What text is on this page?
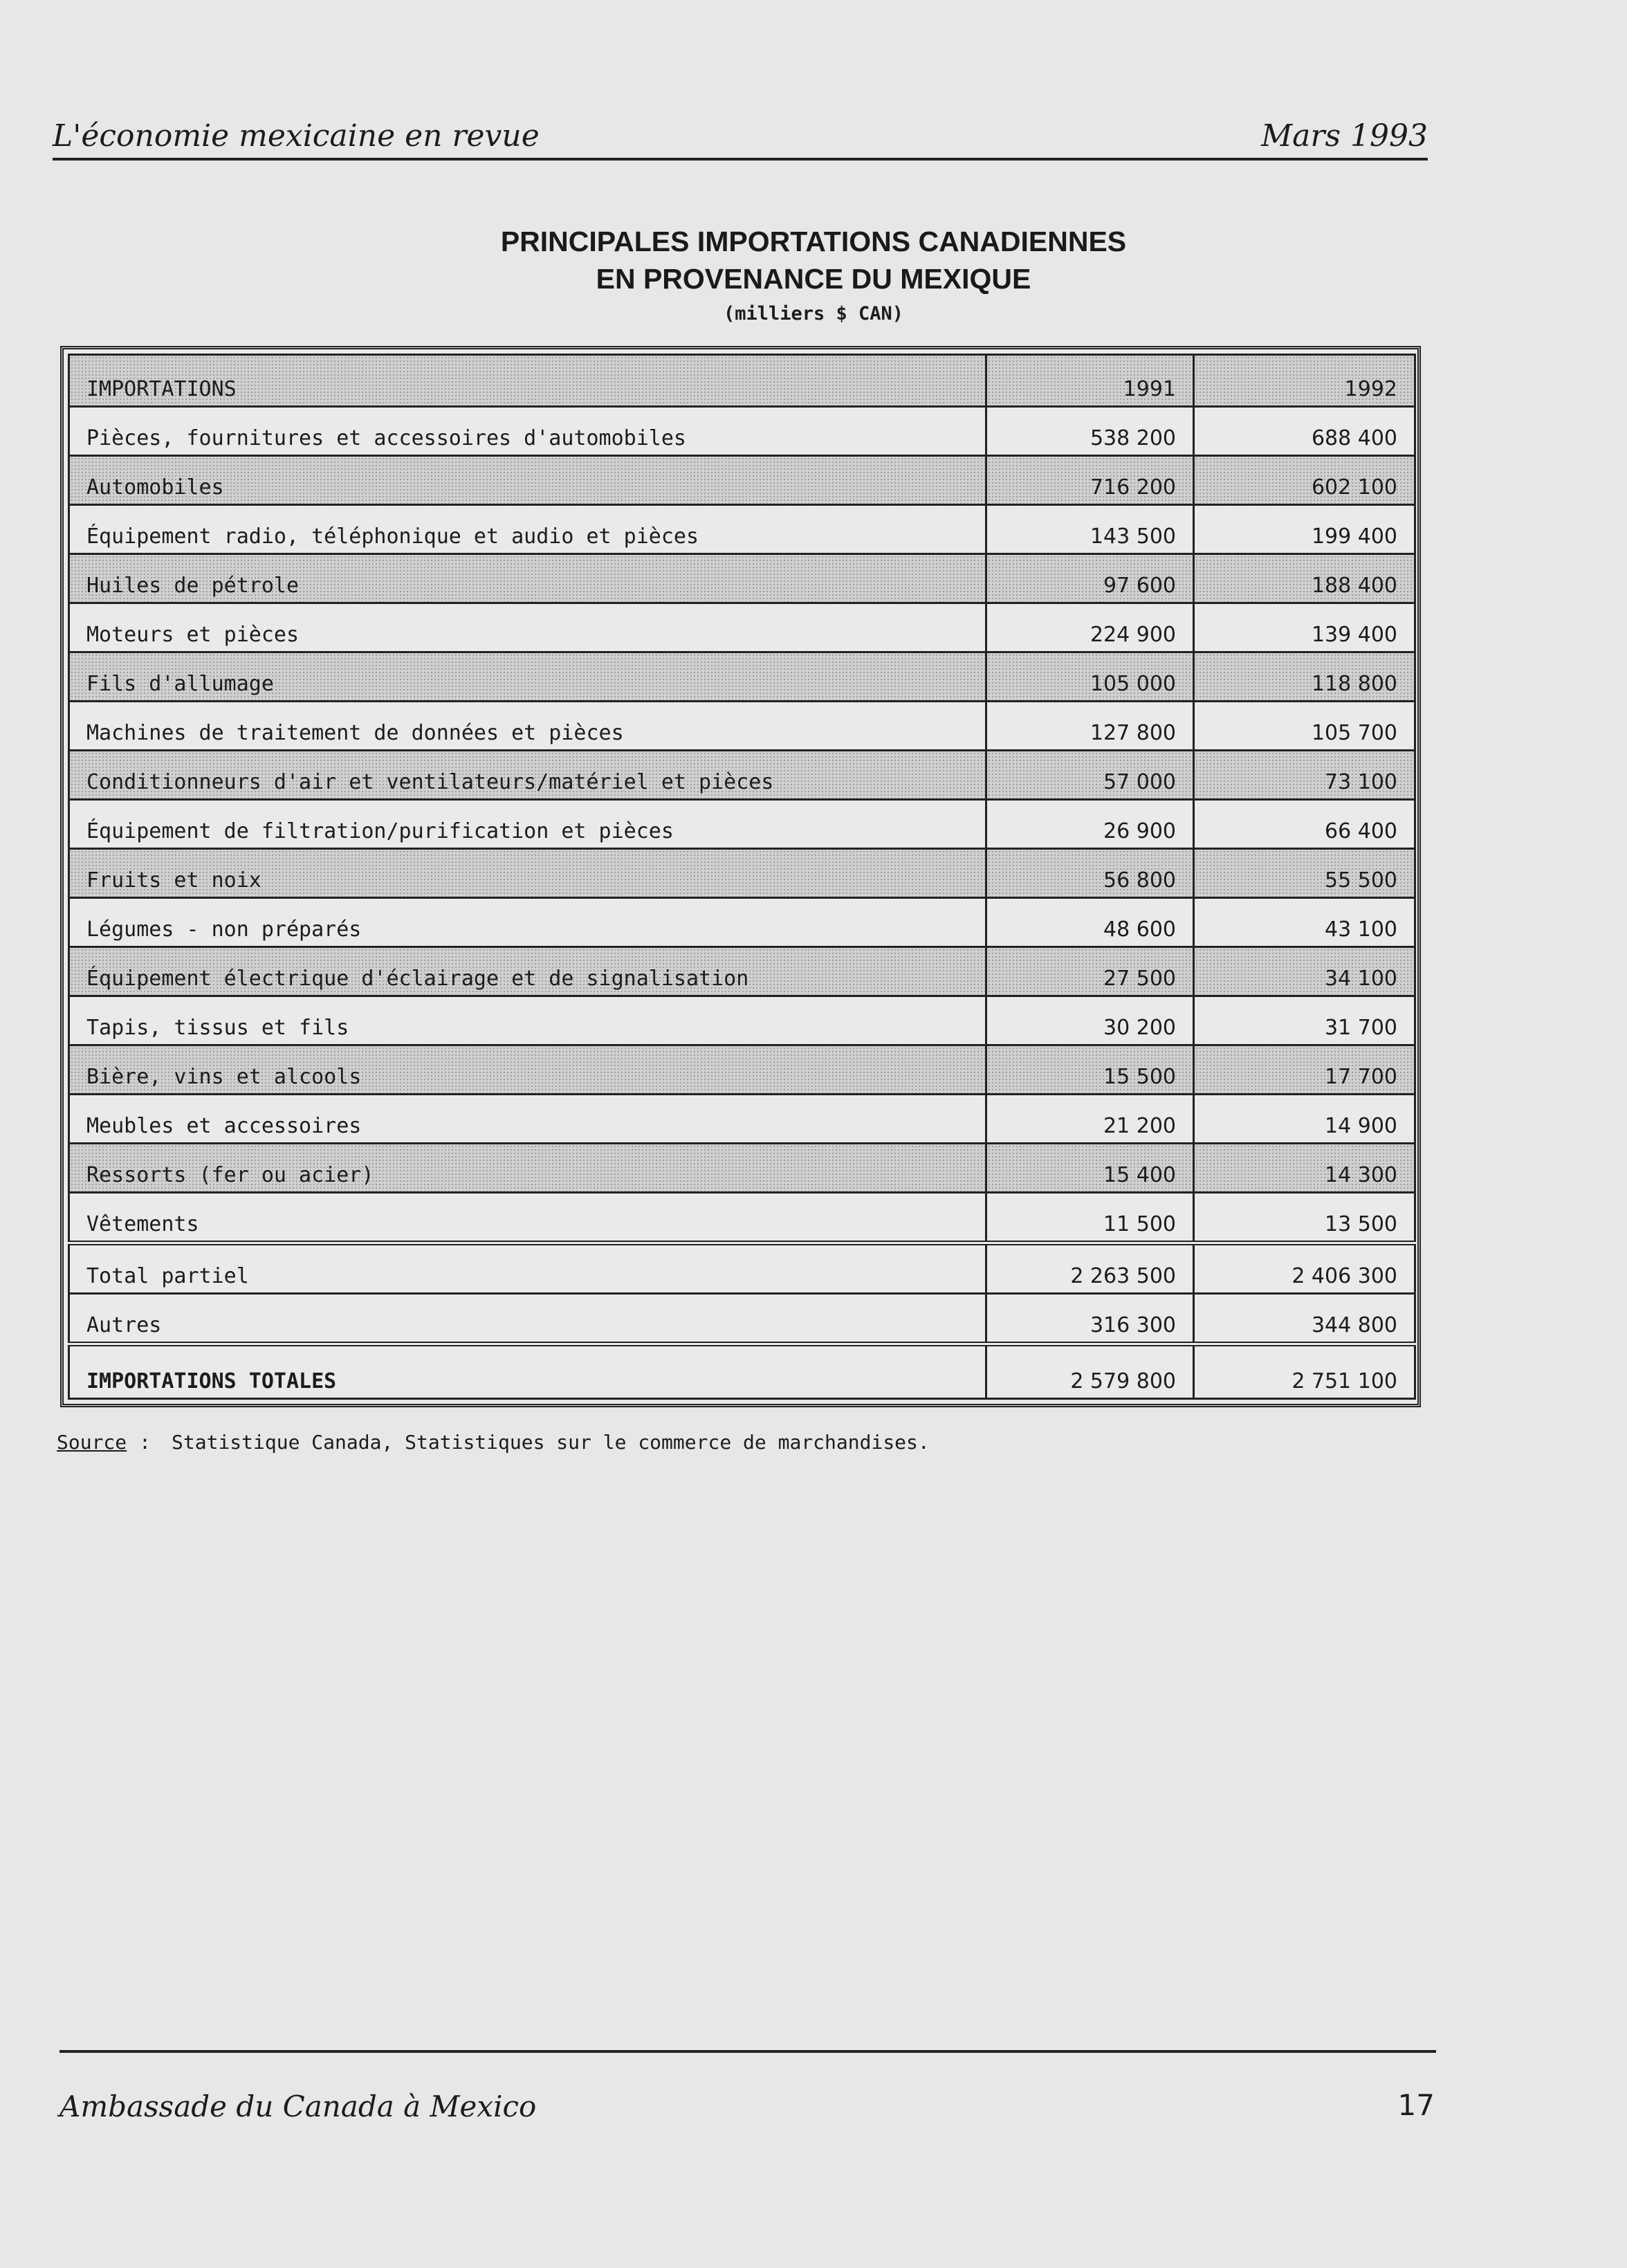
L'économie mexicaine en revue	Mars 1993
PRINCIPALES IMPORTATIONS CANADIENNES
EN PROVENANCE DU MEXIQUE
(milliers $ CAN)
IMPORTATIONS	1991	1992
Pièces, fournitures et accessoires d'automobiles	538 200	688 400
Automobiles	716 200	602 100
Équipement radio, téléphonique et audio et pièces	143 500	199 400
Huiles de pétrole	97 600	188 400
Moteurs et pièces	224 900	139 400
Fils d'allumage	105 000	118 800
Machines de traitement de données et pièces	127 800	105 700
Conditionneurs d'air et ventilateurs/matériel et pièces	57 000	73 100
Équipement de filtration/purification et pièces	26 900	66 400
Fruits et noix	56 800	55 500
Légumes - non préparés	48 600	43 100
Équipement électrique d'éclairage et de signalisation	27 500	34 100
Tapis, tissus et fils	30 200	31 700
Bière, vins et alcools	15 500	17 700
Meubles et accessoires	21 200	14 900
Ressorts (fer ou acier)	15 400	14 300
Vêtements	11 500	13 500
Total partiel	2 263 500	2 406 300
Autres	316 300	344 800
IMPORTATIONS TOTALES	2 579 800	2 751 100
Source : Statistique Canada, Statistiques sur le commerce de marchandises.
Ambassade du Canada à Mexico	17
